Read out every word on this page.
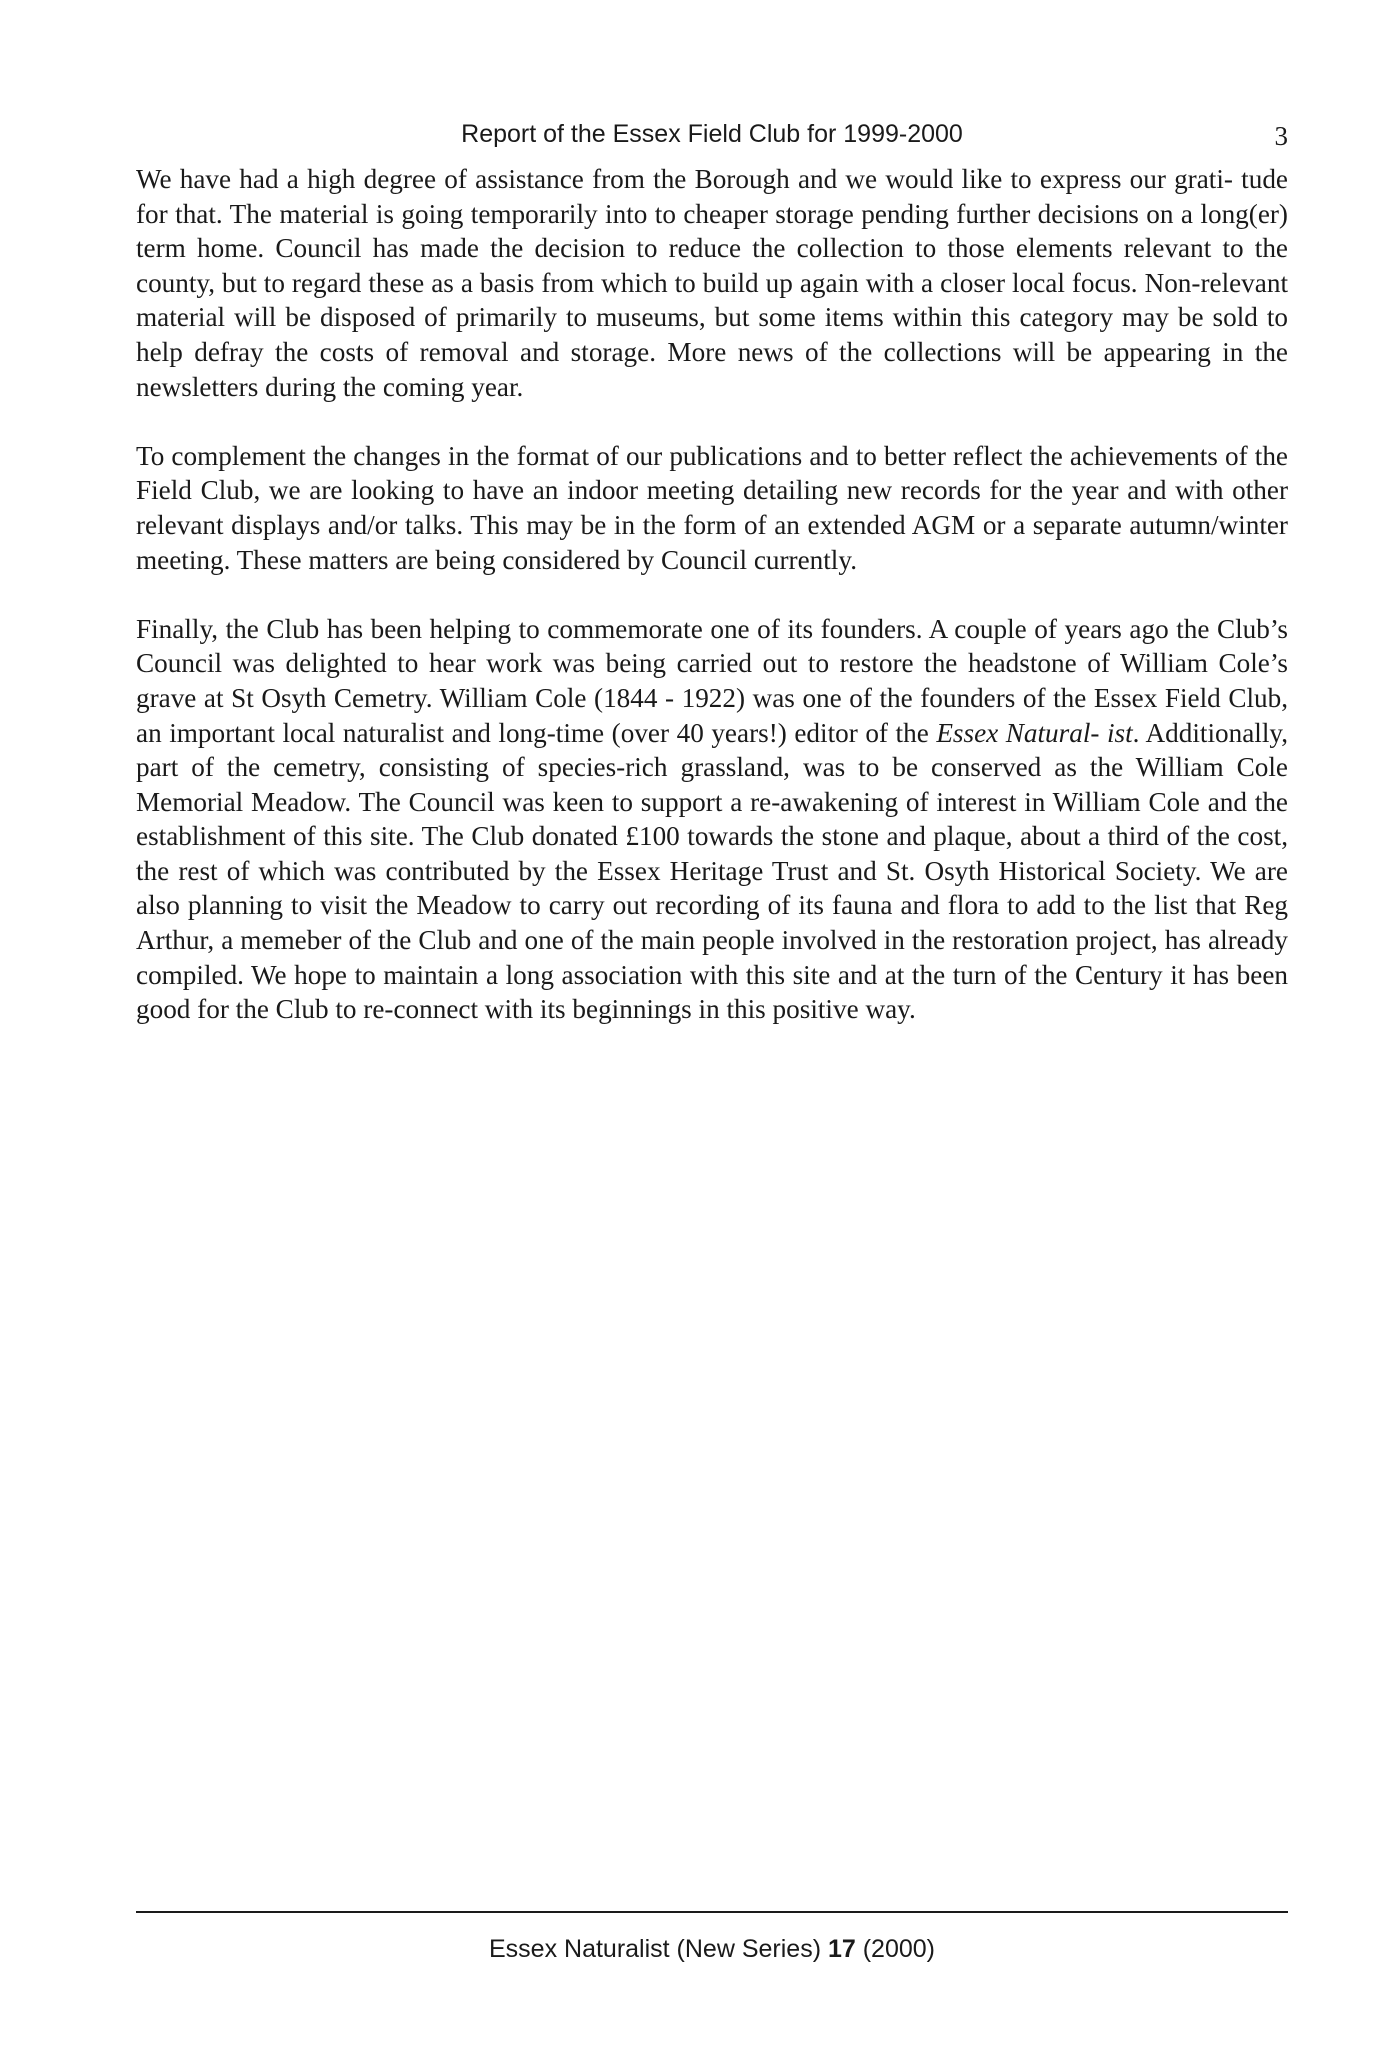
Report of the Essex Field Club for 1999-2000	3

We have had a high degree of assistance from the Borough and we would like to express our grati- tude for that. The material is going temporarily into to cheaper storage pending further decisions on a long(er) term home. Council has made the decision to reduce the collection to those elements relevant to the county, but to regard these as a basis from which to build up again with a closer local focus. Non-relevant material will be disposed of primarily to museums, but some items within this category may be sold to help defray the costs of removal and storage. More news of the collections will be appearing in the newsletters during the coming year.

To complement the changes in the format of our publications and to better reflect the achievements of the Field Club, we are looking to have an indoor meeting detailing new records for the year and with other relevant displays and/or talks. This may be in the form of an extended AGM or a separate autumn/winter meeting. These matters are being considered by Council currently.

Finally, the Club has been helping to commemorate one of its founders. A couple of years ago the Club’s Council was delighted to hear work was being carried out to restore the headstone of William Cole’s grave at St Osyth Cemetry. William Cole (1844 - 1922) was one of the founders of the Essex Field Club, an important local naturalist and long-time (over 40 years!) editor of the Essex Natural- ist. Additionally, part of the cemetry, consisting of species-rich grassland, was to be conserved as the William Cole Memorial Meadow. The Council was keen to support a re-awakening of interest in William Cole and the establishment of this site. The Club donated £100 towards the stone and plaque, about a third of the cost, the rest of which was contributed by the Essex Heritage Trust and St. Osyth Historical Society. We are also planning to visit the Meadow to carry out recording of its fauna and flora to add to the list that Reg Arthur, a memeber of the Club and one of the main people involved in the restoration project, has already compiled. We hope to maintain a long association with this site and at the turn of the Century it has been good for the Club to re-connect with its beginnings in this positive way.

Essex Naturalist (New Series) 17 (2000)
